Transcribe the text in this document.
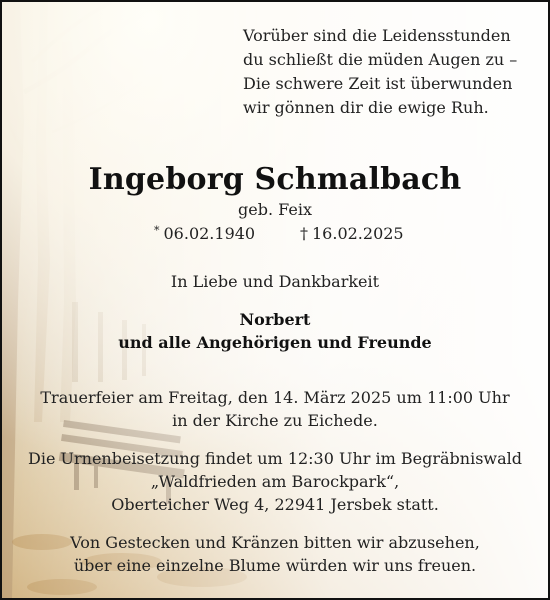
Vorüber sind die Leidensstunden
du schließt die müden Augen zu –
Die schwere Zeit ist überwunden
wir gönnen dir die ewige Ruh.
Ingeborg Schmalbach
geb. Feix
* 06.02.1940	† 16.02.2025
In Liebe und Dankbarkeit
Norbert
und alle Angehörigen und Freunde
Trauerfeier am Freitag, den 14. März 2025 um 11:00 Uhr
in der Kirche zu Eichede.
Die Urnenbeisetzung findet um 12:30 Uhr im Begräbniswald
„Waldfrieden am Barockpark“,
Oberteicher Weg 4, 22941 Jersbek statt.
Von Gestecken und Kränzen bitten wir abzusehen,
über eine einzelne Blume würden wir uns freuen.
